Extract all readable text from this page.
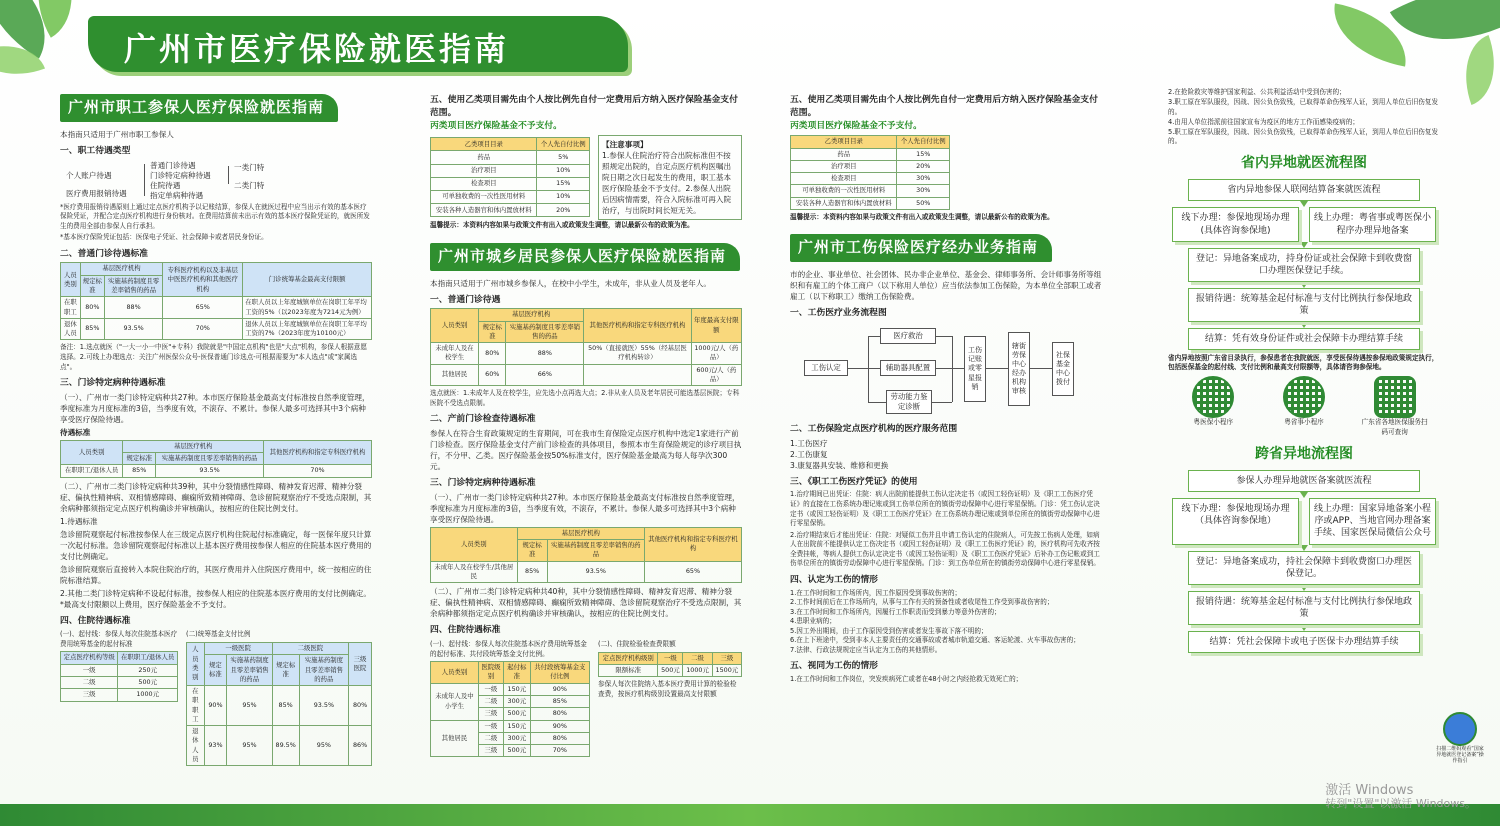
广州市医疗保险就医指南
广州市职工参保人医疗保险就医指南
本指南只适用于广州市职工参保人
一、职工待遇类型
个人账户待遇
医疗费用报销待遇
普通门诊待遇
门诊特定病种待遇
住院待遇
指定单病种待遇
一类门特
二类门特
*医疗费用报销待遇原则上通过定点医疗机构予以记账结算，参保人在就医过程中应当出示有效的基本医疗保险凭证，并配合定点医疗机构进行身份核对。在费用结算前未出示有效的基本医疗保险凭证的，就医所发生的费用全部由参保人自行承担。
*基本医疗保险凭证包括：医保电子凭证、社会保障卡或者居民身份证。
二、普通门诊待遇标准
人员类别	基层医疗机构		专科医疗机构以及非基层中医医疗机构和其他医疗机构	门诊统筹基金最高支付限额
	规定标准	实施基药制度且零差率销售的药品		
在职职工	80%	88%	65%	在职人员以上年度城镇单位在岗职工年平均工资的5%（以2023年度为7214元为例）
退休人员	85%	93.5%	70%	退休人员以上年度城镇单位在岗职工年平均工资的7%（2023年度为10100元）
备注：1.选点就医（"一大一小一中医"+专科）我院就是"中国定点机构"也是"大点"机构，参保人根据意愿选择。2.可线上办理选点：关注广州医保公众号-医保普通门诊选点-可根据需要为"本人选点"或"家属选点"。
三、门诊特定病种待遇标准
（一）、广州市一类门诊特定病种共27种。本市医疗保险基金最高支付标准按自然季度管理，季度标准为月度标准的3倍，当季度有效，不滚存、不累计。参保人最多可选择其中3个病种享受医疗保险待遇。
待遇标准
人员类别	基层医疗机构		其他医疗机构和指定专科医疗机构
	规定标准	实施基药制度且零差率销售的药品	
在职职工/退休人员	85%	93.5%	70%
（二）、广州市二类门诊特定病种共39种，其中分裂情感性障碍、精神发育迟滞、精神分裂症、偏执性精神病、双相情感障碍、癫痫所致精神障碍、急诊留院观察治疗不受选点限制，其余病种都须指定定点医疗机构确诊并审核确认，按相应的住院比例支付。
1.待遇标准
急诊留院观察起付标准按参保人在三级定点医疗机构住院起付标准确定，每一医保年度只计算一次起付标准。急诊留院观察起付标准以上基本医疗费用按参保人相应的住院基本医疗费用的支付比例确定。
急诊留院观察后直接转入本院住院治疗的，其医疗费用并入住院医疗费用中，统一按相应的住院标准结算。
2.其他二类门诊特定病种不设起付标准，按参保人相应的住院基本医疗费用的支付比例确定。*最高支付限额以上费用，医疗保险基金不予支付。
四、住院待遇标准
(一)、起付线：参保人每次住院基本医疗费用统筹基金的起付标准
定点医疗机构等级	在职职工/退休人员
一级	250元
二级	500元
三级	1000元
(二)统筹基金支付比例
人员类别	一级医院		二级医院		三级医院
	规定标准	实施基药制度且零差率销售的药品	规定标准	实施基药制度且零差率销售的药品	
在职职工	90%	95%	85%	93.5%	80%
退休人员	93%	95%	89.5%	95%	86%
五、使用乙类项目需先由个人按比例先自付一定费用后方纳入医疗保险基金支付范围。
丙类项目医疗保险基金不予支付。
乙类项目目录	个人先自付比例
药品	5%
治疗项目	10%
检查项目	15%
可单独收费的一次性医用材料	10%
安装各种人造器官和体内置放材料	20%
【注意事项】
1.参保人住院治疗符合出院标准但不按照规定出院的，自定点医疗机构医嘱出院日期之次日起发生的费用，职工基本医疗保险基金不予支付。2.参保人出院后因病情需要，符合入院标准可再入院治疗，与出院时间长短无关。
温馨提示：本资料内容如果与政策文件有出入或政策发生调整，请以最新公布的政策为准。
广州市城乡居民参保人医疗保险就医指南
本指南只适用于广州市城乡参保人，在校中小学生，未成年，非从业人员及老年人。
一、普通门诊待遇
人员类别	基层医疗机构		其他医疗机构和指定专科医疗机构	年度最高支付限额
	规定标准	实施基药制度且零差率销售的药品		
未成年人及在校学生	80%	88%	50%（直接就医）55%（经基层医疗机构转诊）	1000元/人（药品）
其他居民	60%	66%		600元/人（药品）
选点就医：1.未成年人及在校学生，应先选小点再选大点；2.非从业人员及老年居民可能选基层医院；专科医院不受选点限制。
二、产前门诊检查待遇标准
参保人在符合生育政策规定的生育期间，可在我市生育保险定点医疗机构中选定1家进行产前门诊检查。医疗保险基金支付产前门诊检查的具体项目，参照本市生育保险规定的诊疗项目执行，不分甲、乙类。医疗保险基金按50%标准支付，医疗保险基金最高为每人每孕次300元。
三、门诊特定病种待遇标准
（一）、广州市一类门诊特定病种共27种。本市医疗保险基金最高支付标准按自然季度管理，季度标准为月度标准的3倍，当季度有效，不滚存，不累计。参保人最多可选择其中3个病种享受医疗保险待遇。
人员类别	基层医疗机构		其他医疗机构和指定专科医疗机构
	规定标准	实施基药制度且零差率销售的药品	
未成年人及在校学生/其他居民	85%	93.5%	65%
（二）、广州市二类门诊特定病种共40种，其中分裂情感性障碍、精神发育迟滞、精神分裂症、偏执性精神病、双相情感障碍、癫痫所致精神障碍、急诊留院观察治疗不受选点限制，其余病种都须指定定点医疗机构确诊并审核确认，按相应的住院比例支付。
四、住院待遇标准
(一)、起付线：参保人每次住院基本医疗费用统筹基金的起付标准、共付段统筹基金支付比例。
人员类别	医院级别	起付标准	共付段统筹基金支付比例
未成年人及中小学生	一级	150元	90%
	二级	300元	85%
	三级	500元	80%
其他居民	一级	150元	90%
	二级	300元	80%
	三级	500元	70%
(二)、住院检验检查费限额
定点医疗机构级别	一级	二级	三级
限额标准	500元	1000元	1500元
参保人每次住院纳入基本医疗费用计算的检验检查费，按医疗机构级别设置最高支付限额
五、使用乙类项目需先由个人按比例先自付一定费用后方纳入医疗保险基金支付范围。
丙类项目医疗保险基金不予支付。
乙类项目目录	个人先自付比例
药品	15%
治疗项目	20%
检查项目	30%
可单独收费的一次性医用材料	30%
安装各种人造器官和体内置放材料	50%
温馨提示：本资料内容如果与政策文件有出入或政策发生调整，请以最新公布的政策为准。
广州市工伤保险医疗经办业务指南
市的企业、事业单位、社会团体、民办非企业单位、基金会、律师事务所、会计师事务所等组织和有雇工的个体工商户（以下称用人单位）应当依法参加工伤保险，为本单位全部职工或者雇工（以下称职工）缴纳工伤保险费。
一、工伤医疗业务流程图
工伤认定
医疗救治
辅助器具配置
劳动能力鉴定诊断
工伤记账或零星报销
辖街劳保中心经办机构审核
社保基金中心拨付
二、工伤保险定点医疗机构的医疗服务范围
1.工伤医疗
2.工伤康复
3.康复器具安装、维修和更换
三、《职工工伤医疗凭证》的使用
1.治疗期间已出凭证：住院：病人出院前能提供工伤认定决定书（或因工轻伤证明）及《职工工伤医疗凭证》的直接在工伤系统办理记账或到工伤单位所在的镇街劳动保障中心进行零星保销。门诊：凭工伤认定决定书（或因工轻伤证明）及《职工工伤医疗凭证》在工伤系统办理记账或到单位所在的镇街劳动保障中心进行零星保销。
2.治疗期结束后才能出凭证：住院：对疑似工伤并且申请工伤认定的住院病人，可先按工伤病人处理，如病人在出院前不能提供认定工伤决定书（或因工轻伤证明）及《职工工伤医疗凭证》的，医疗机构可先收齐按全费挂帐，等病人提供工伤认定决定书（或因工轻伤证明）及《职工工伤医疗凭证》后补办工伤记帐或到工伤单位所在的镇街劳动保障中心进行零星保销。门诊：到工伤单位所在的镇街劳动保障中心进行零星保销。
四、认定为工伤的情形
1.在工作时间和工作场所内，因工作原因受到事故伤害的；
2.工作时间前后在工作场所内，从事与工作有关的预备性或者收尾性工作受到事故伤害的；
3.在工作时间和工作场所内，因履行工作职责而受到暴力等意外伤害的；
4.患职业病的；
5.因工外出期间，由于工作原因受到伤害或者发生事故下落不明的；
6.在上下班途中，受到非本人主要责任的交通事故或者城市轨道交通、客运轮渡、火车事故伤害的；
7.法律、行政法规规定应当认定为工伤的其他情形。
五、视同为工伤的情形
1.在工作时间和工作岗位，突发疾病死亡或者在48小时之内经抢救无效死亡的；
2.在抢险救灾等维护国家利益、公共利益活动中受到伤害的；
3.职工原在军队服役，因战、因公负伤致残，已取得革命伤残军人证，到用人单位后旧伤复发的。
4.由用人单位指派前往国家宣布为疫区的地方工作而感染疫病的；
5.职工原在军队服役，因战、因公负伤致残，已取得革命伤残军人证，到用人单位后旧伤复发的。
省内异地就医流程图
省内异地参保人联网结算备案就医流程
线下办理：参保地现场办理(具体咨询参保地)
线上办理：粤省事或粤医保小程序办理异地备案
登记：异地备案成功，持身份证或社会保障卡到收费窗口办理医保登记手续。
报销待遇：统筹基金起付标准与支付比例执行参保地政策
结算：凭有效身份证件或社会保障卡办理结算手续
省内异地按照广东省目录执行，参保患者在我院就医，享受医保待遇按参保地政策规定执行，包括医保基金的起付线、支付比例和最高支付限额等，具体请咨询参保地。
粤医保小程序	粤省事小程序	广东省各地医保服务扫码可查询
跨省异地流程图
参保人办理异地就医备案就医流程
线下办理：参保地现场办理（具体咨询参保地）
线上办理：国家异地备案小程序或APP、当地官网办理备案手续、国家医保局微信公众号
登记：异地备案成功，持社会保障卡到收费窗口办理医保登记。
报销待遇：统筹基金起付标准与支付比例执行参保地政策
结算：凭社会保障卡或电子医保卡办理结算手续
扫描二维码观看“国家异地就医登记备案”操作指引
激活 Windows
转到"设置"以激活 Windows。
